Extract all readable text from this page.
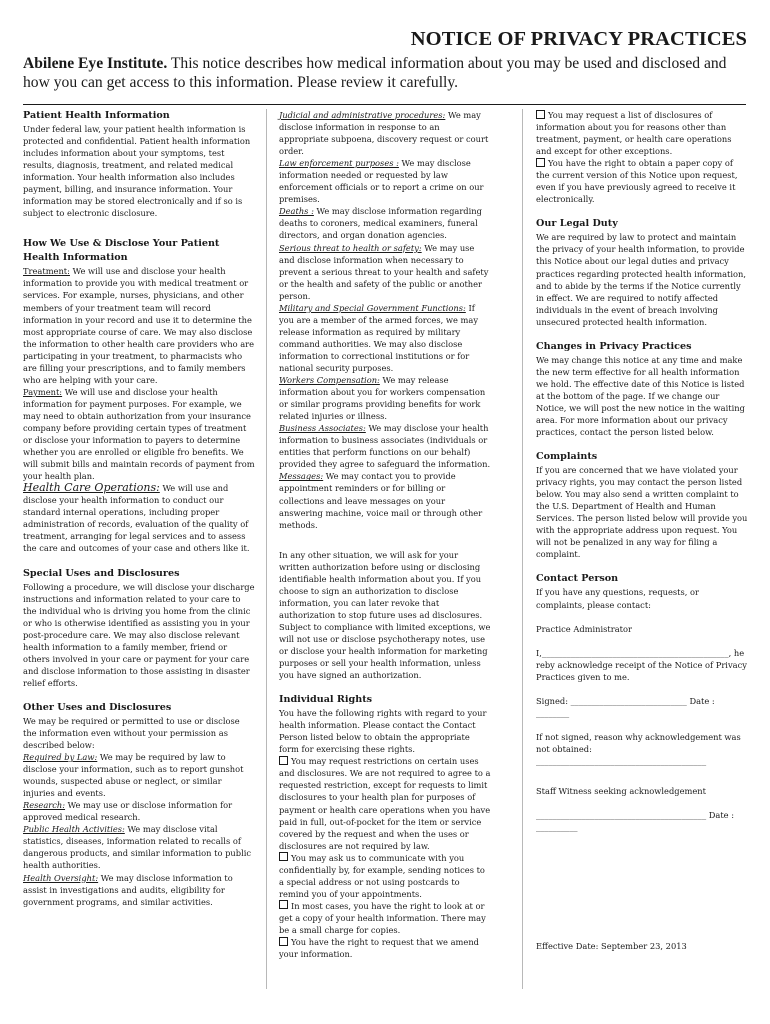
NOTICE OF PRIVACY PRACTICES

Abilene Eye Institute. This notice describes how medical information about you may be used and disclosed and how you can get access to this information. Please review it carefully.

Patient Health Information

Under federal law, your patient health information is protected and confidential. Patient health information includes information about your symptoms, test results, diagnosis, treatment, and related medical information. Your health information also includes payment, billing, and insurance information. Your information may be stored electronically and if so is subject to electronic disclosure.

How We Use & Disclose Your Patient Health Information

Treatment: We will use and disclose your health information to provide you with medical treatment or services. For example, nurses, physicians, and other members of your treatment team will record information in your record and use it to determine the most appropriate course of care. We may also disclose the information to other health care providers who are participating in your treatment, to pharmacists who are filling your prescriptions, and to family members who are helping with your care.

Payment: We will use and disclose your health information for payment purposes. For example, we may need to obtain authorization from your insurance company before providing certain types of treatment or disclose your information to payers to determine whether you are enrolled or eligible fro benefits. We will submit bills and maintain records of payment from your health plan.

Health Care Operations: We will use and disclose your health information to conduct our standard internal operations, including proper administration of records, evaluation of the quality of treatment, arranging for legal services and to assess the care and outcomes of your case and others like it.

Special Uses and Disclosures

Following a procedure, we will disclose your discharge instructions and information related to your care to the individual who is driving you home from the clinic or who is otherwise identified as assisting you in your post-procedure care. We may also disclose relevant health information to a family member, friend or others involved in your care or payment for your care and disclose information to those assisting in disaster relief efforts.

Other Uses and Disclosures

We may be required or permitted to use or disclose the information even without your permission as described below:

Required by Law: We may be required by law to disclose your information, such as to report gunshot wounds, suspected abuse or neglect, or similar injuries and events.

Research: We may use or disclose information for approved medical research.

Public Health Activities: We may disclose vital statistics, diseases, information related to recalls of dangerous products, and similar information to public health authorities.

Health Oversight: We may disclose information to assist in investigations and audits, eligibility for government programs, and similar activities.

Judicial and administrative procedures: We may disclose information in response to an appropriate subpoena, discovery request or court order.

Law enforcement purposes : We may disclose information needed or requested by law enforcement officials or to report a crime on our premises.

Deaths : We may disclose information regarding deaths to coroners, medical examiners, funeral directors, and organ donation agencies.

Serious threat to health or safety: We may use and disclose information when necessary to prevent a serious threat to your health and safety or the health and safety of the public or another person.

Military and Special Government Functions: If you are a member of the armed forces, we may release information as required by military command authorities. We may also disclose information to correctional institutions or for national security purposes.

Workers Compensation: We may release information about you for workers compensation or similar programs providing benefits for work related injuries or illness.

Business Associates: We may disclose your health information to business associates (individuals or entities that perform functions on our behalf) provided they agree to safeguard the information.

Messages: We may contact you to provide appointment reminders or for billing or collections and leave messages on your answering machine, voice mail or through other methods.

In any other situation, we will ask for your written authorization before using or disclosing identifiable health information about you. If you choose to sign an authorization to disclose information, you can later revoke that authorization to stop future uses ad disclosures. Subject to compliance with limited exceptions, we will not use or disclose psychotherapy notes, use or disclose your health information for marketing purposes or sell your health information, unless you have signed an authorization.

Individual Rights

You have the following rights with regard to your health information. Please contact the Contact Person listed below to obtain the appropriate form for exercising these rights.

You may request restrictions on certain uses and disclosures. We are not required to agree to a requested restriction, except for requests to limit disclosures to your health plan for purposes of payment or health care operations when you have paid in full, out-of-pocket for the item or service covered by the request and when the uses or disclosures are not required by law.

You may ask us to communicate with you confidentially by, for example, sending notices to a special address or not using postcards to remind you of your appointments.

In most cases, you have the right to look at or get a copy of your health information. There may be a small charge for copies.

You have the right to request that we amend your information.

You may request a list of disclosures of information about you for reasons other than treatment, payment, or health care operations and except for other exceptions.

You have the right to obtain a paper copy of the current version of this Notice upon request, even if you have previously agreed to receive it electronically.

Our Legal Duty

We are required by law to protect and maintain the privacy of your health information, to provide this Notice about our legal duties and privacy practices regarding protected health information, and to abide by the terms if the Notice currently in effect. We are required to notify affected individuals in the event of breach involving unsecured protected health information.

Changes in Privacy Practices

We may change this notice at any time and make the new term effective for all health information we hold. The effective date of this Notice is listed at the bottom of the page. If we change our Notice, we will post the new notice in the waiting area. For more information about our privacy practices, contact the person listed below.

Complaints

If you are concerned that we have violated your privacy rights, you may contact the person listed below. You may also send a written complaint to the U.S. Department of Health and Human Services. The person listed below will provide you with the appropriate address upon request. You will not be penalized in any way for filing a complaint.

Contact Person

If you have any questions, requests, or complaints, please contact:

Practice Administrator

I,_____________________________________________, hereby acknowledge receipt of the Notice of Privacy Practices given to me.

Signed: ____________________________ Date : ________

If not signed, reason why acknowledgement was not obtained:

_________________________________________

Staff Witness seeking acknowledgement

_________________________________________ Date : __________

Effective Date: September 23, 2013
